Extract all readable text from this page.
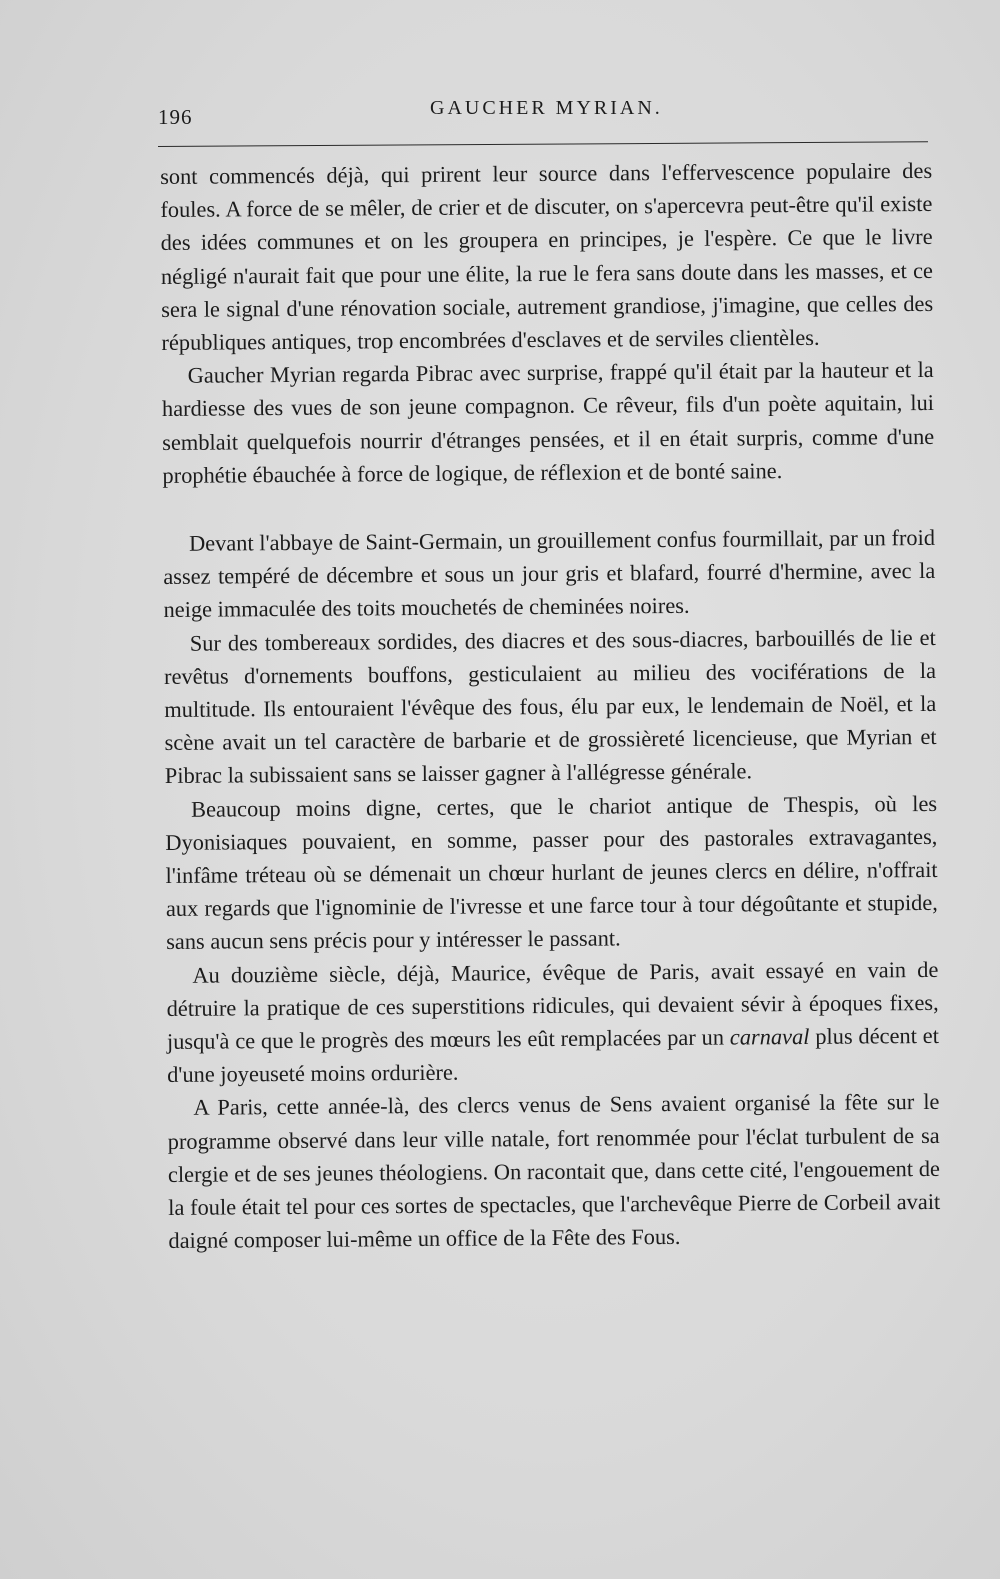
196	GAUCHER MYRIAN.

sont commencés déjà, qui prirent leur source dans l'effervescence populaire des foules. A force de se mêler, de crier et de discuter, on s'apercevra peut-être qu'il existe des idées communes et on les groupera en principes, je l'espère. Ce que le livre négligé n'aurait fait que pour une élite, la rue le fera sans doute dans les masses, et ce sera le signal d'une rénovation sociale, autrement grandiose, j'imagine, que celles des républiques antiques, trop encombrées d'esclaves et de serviles clientèles.

Gaucher Myrian regarda Pibrac avec surprise, frappé qu'il était par la hauteur et la hardiesse des vues de son jeune compagnon. Ce rêveur, fils d'un poète aquitain, lui semblait quelquefois nourrir d'étranges pensées, et il en était surpris, comme d'une prophétie ébauchée à force de logique, de réflexion et de bonté saine.

Devant l'abbaye de Saint-Germain, un grouillement confus fourmillait, par un froid assez tempéré de décembre et sous un jour gris et blafard, fourré d'hermine, avec la neige immaculée des toits mouchetés de cheminées noires.

Sur des tombereaux sordides, des diacres et des sous-diacres, barbouillés de lie et revêtus d'ornements bouffons, gesticulaient au milieu des vociférations de la multitude. Ils entouraient l'évêque des fous, élu par eux, le lendemain de Noël, et la scène avait un tel caractère de barbarie et de grossièreté licencieuse, que Myrian et Pibrac la subissaient sans se laisser gagner à l'allégresse générale.

Beaucoup moins digne, certes, que le chariot antique de Thespis, où les Dyonisiaques pouvaient, en somme, passer pour des pastorales extravagantes, l'infâme tréteau où se démenait un chœur hurlant de jeunes clercs en délire, n'offrait aux regards que l'ignominie de l'ivresse et une farce tour à tour dégoûtante et stupide, sans aucun sens précis pour y intéresser le passant.

Au douzième siècle, déjà, Maurice, évêque de Paris, avait essayé en vain de détruire la pratique de ces superstitions ridicules, qui devaient sévir à époques fixes, jusqu'à ce que le progrès des mœurs les eût remplacées par un carnaval plus décent et d'une joyeuseté moins ordurière.

A Paris, cette année-là, des clercs venus de Sens avaient organisé la fête sur le programme observé dans leur ville natale, fort renommée pour l'éclat turbulent de sa clergie et de ses jeunes théologiens. On racontait que, dans cette cité, l'engouement de la foule était tel pour ces sortes de spectacles, que l'archevêque Pierre de Corbeil avait daigné composer lui-même un office de la Fête des Fous.
